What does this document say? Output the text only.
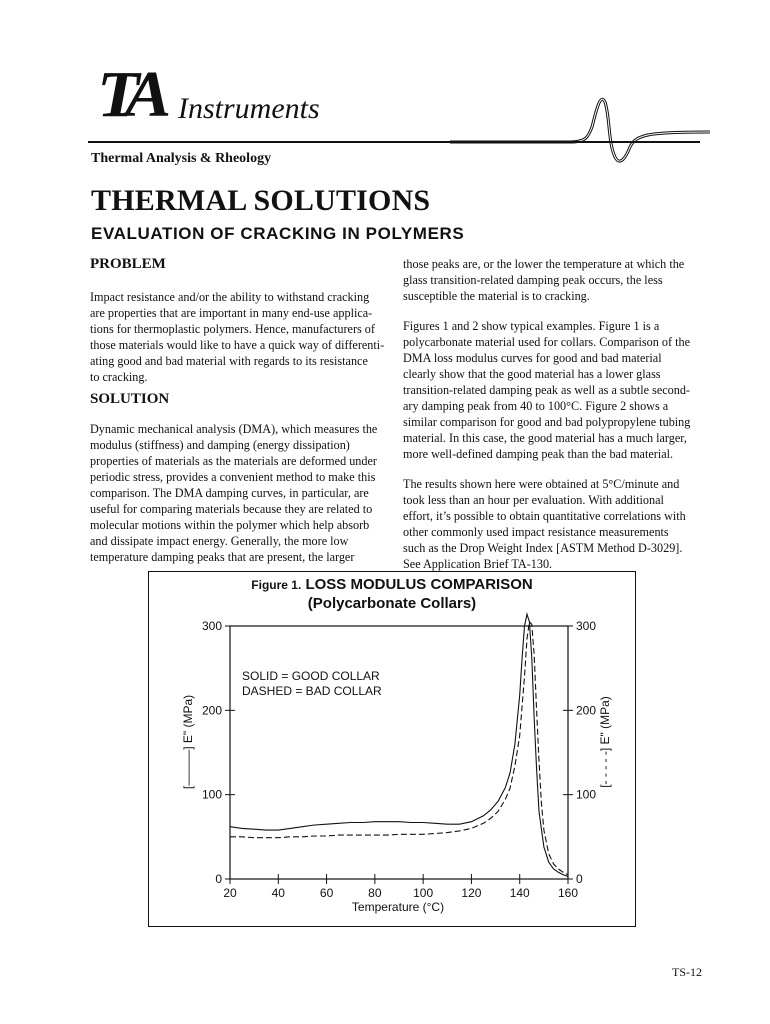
TA Instruments
Thermal Analysis & Rheology
THERMAL SOLUTIONS
EVALUATION OF CRACKING IN POLYMERS
PROBLEM

Impact resistance and/or the ability to withstand cracking
are properties that are important in many end-use applica-
tions for thermoplastic polymers. Hence, manufacturers of
those materials would like to have a quick way of differenti-
ating good and bad material with regards to its resistance
to cracking.

SOLUTION

Dynamic mechanical analysis (DMA), which measures the
modulus (stiffness) and damping (energy dissipation)
properties of materials as the materials are deformed under
periodic stress, provides a convenient method to make this
comparison. The DMA damping curves, in particular, are
useful for comparing materials because they are related to
molecular motions within the polymer which help absorb
and dissipate impact energy. Generally, the more low
temperature damping peaks that are present, the larger

those peaks are, or the lower the temperature at which the
glass transition-related damping peak occurs, the less
susceptible the material is to cracking.

Figures 1 and 2 show typical examples. Figure 1 is a
polycarbonate material used for collars. Comparison of the
DMA loss modulus curves for good and bad material
clearly show that the good material has a lower glass
transition-related damping peak as well as a subtle second-
ary damping peak from 40 to 100°C. Figure 2 shows a
similar comparison for good and bad polypropylene tubing
material. In this case, the good material has a much larger,
more well-defined damping peak than the bad material.

The results shown here were obtained at 5°C/minute and
took less than an hour per evaluation. With additional
effort, it’s possible to obtain quantitative correlations with
other commonly used impact resistance measurements
such as the Drop Weight Index [ASTM Method D-3029].
See Application Brief TA-130.

Figure 1. LOSS MODULUS COMPARISON
(Polycarbonate Collars)
0	0
100	100
200	200
300	300
20	40	60	80	100 120 140 160
SOLID = GOOD COLLAR
DASHED = BAD COLLAR
[———] E" (MPa)	[- - - - -] E" (MPa)
Temperature (°C)
TS-12
